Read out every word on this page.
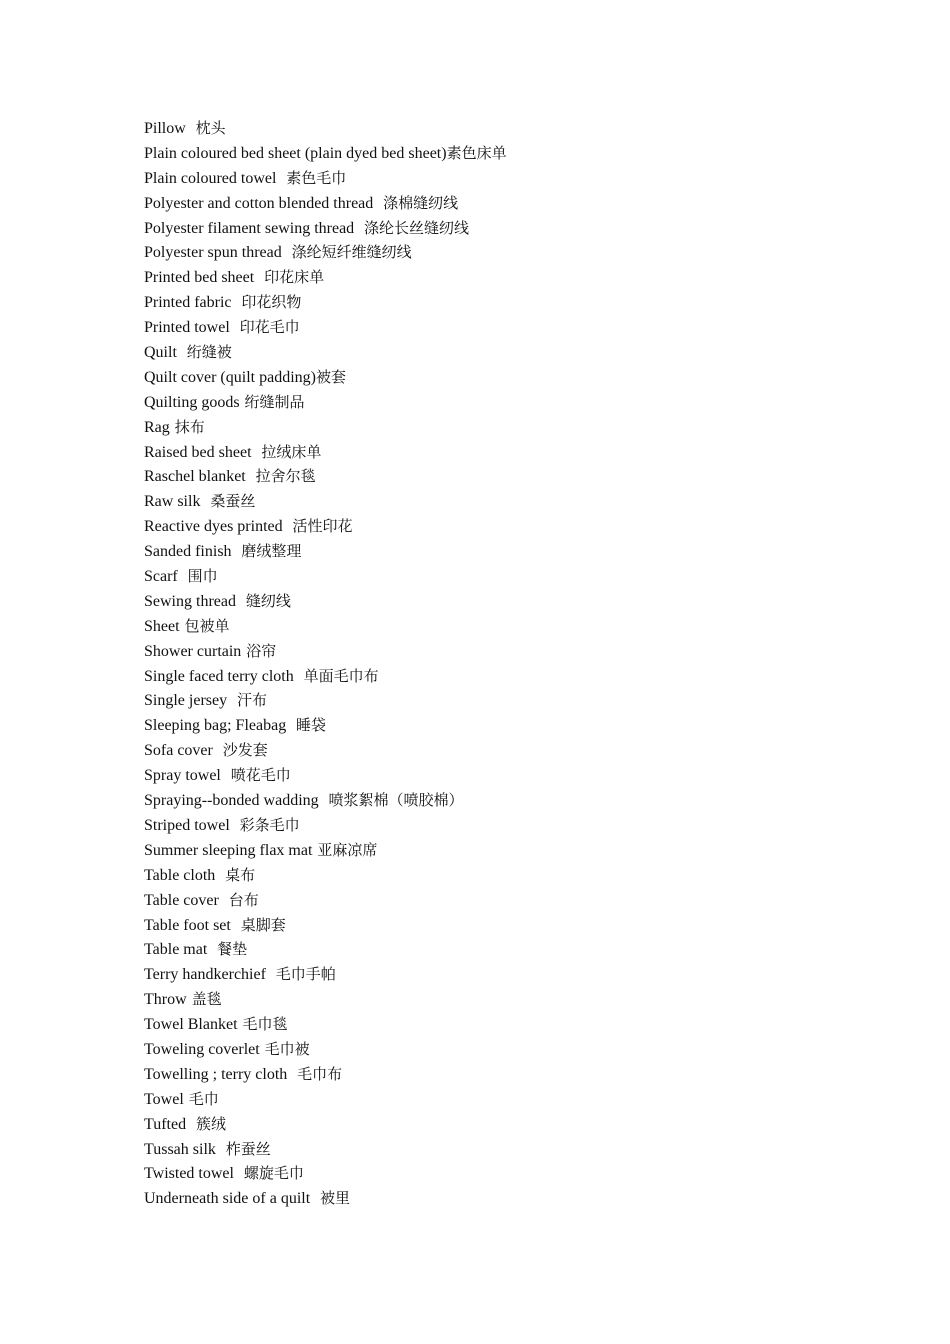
Pillow 枕头
Plain coloured bed sheet (plain dyed bed sheet)素色床单
Plain coloured towel 素色毛巾
Polyester and cotton blended thread 涤棉缝纫线
Polyester filament sewing thread 涤纶长丝缝纫线
Polyester spun thread 涤纶短纤维缝纫线
Printed bed sheet 印花床单
Printed fabric 印花织物
Printed towel 印花毛巾
Quilt 绗缝被
Quilt cover (quilt padding)被套
Quilting goods 绗缝制品
Rag 抹布
Raised bed sheet 拉绒床单
Raschel blanket 拉舍尔毯
Raw silk 桑蚕丝
Reactive dyes printed 活性印花
Sanded finish 磨绒整理
Scarf 围巾
Sewing thread 缝纫线
Sheet 包被单
Shower curtain 浴帘
Single faced terry cloth 单面毛巾布
Single jersey 汗布
Sleeping bag; Fleabag 睡袋
Sofa cover 沙发套
Spray towel 喷花毛巾
Spraying--bonded wadding 喷浆絮棉（喷胶棉）
Striped towel 彩条毛巾
Summer sleeping flax mat 亚麻凉席
Table cloth 桌布
Table cover 台布
Table foot set 桌脚套
Table mat 餐垫
Terry handkerchief 毛巾手帕
Throw 盖毯
Towel Blanket 毛巾毯
Toweling coverlet 毛巾被
Towelling ; terry cloth 毛巾布
Towel 毛巾
Tufted 簇绒
Tussah silk 柞蚕丝
Twisted towel 螺旋毛巾
Underneath side of a quilt 被里
